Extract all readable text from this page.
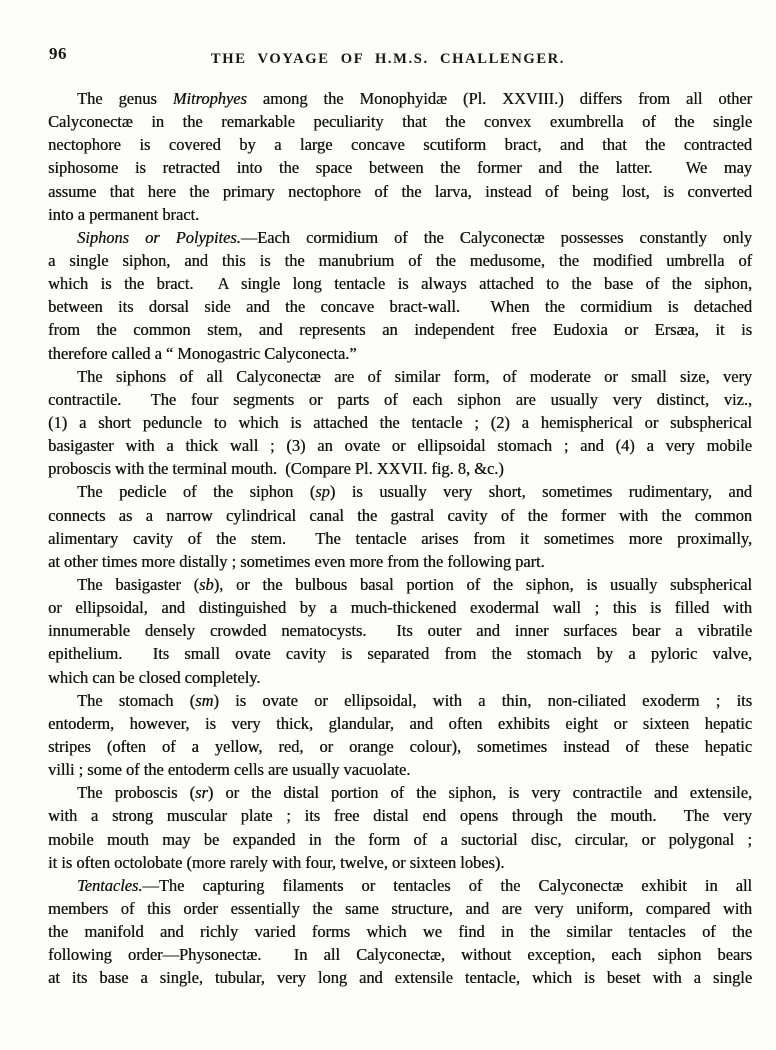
96	THE VOYAGE OF H.M.S. CHALLENGER.
The genus Mitrophyes among the Monophyidæ (Pl. XXVIII.) differs from all other
Calyconectæ in the remarkable peculiarity that the convex exumbrella of the single
nectophore is covered by a large concave scutiform bract, and that the contracted
siphosome is retracted into the space between the former and the latter.  We may
assume that here the primary nectophore of the larva, instead of being lost, is converted
into a permanent bract.
Siphons or Polypites.—Each cormidium of the Calyconectæ possesses constantly only
a single siphon, and this is the manubrium of the medusome, the modified umbrella of
which is the bract.  A single long tentacle is always attached to the base of the siphon,
between its dorsal side and the concave bract-wall.  When the cormidium is detached
from the common stem, and represents an independent free Eudoxia or Ersæa, it is
therefore called a “ Monogastric Calyconecta.”
The siphons of all Calyconectæ are of similar form, of moderate or small size, very
contractile.  The four segments or parts of each siphon are usually very distinct, viz.,
(1) a short peduncle to which is attached the tentacle ; (2) a hemispherical or subspherical
basigaster with a thick wall ; (3) an ovate or ellipsoidal stomach ; and (4) a very mobile
proboscis with the terminal mouth.  (Compare Pl. XXVII. fig. 8, &c.)
The pedicle of the siphon (sp) is usually very short, sometimes rudimentary, and
connects as a narrow cylindrical canal the gastral cavity of the former with the common
alimentary cavity of the stem.  The tentacle arises from it sometimes more proximally,
at other times more distally ; sometimes even more from the following part.
The basigaster (sb), or the bulbous basal portion of the siphon, is usually subspherical
or ellipsoidal, and distinguished by a much-thickened exodermal wall ; this is filled with
innumerable densely crowded nematocysts.  Its outer and inner surfaces bear a vibratile
epithelium.  Its small ovate cavity is separated from the stomach by a pyloric valve,
which can be closed completely.
The stomach (sm) is ovate or ellipsoidal, with a thin, non-ciliated exoderm ; its
entoderm, however, is very thick, glandular, and often exhibits eight or sixteen hepatic
stripes (often of a yellow, red, or orange colour), sometimes instead of these hepatic
villi ; some of the entoderm cells are usually vacuolate.
The proboscis (sr) or the distal portion of the siphon, is very contractile and extensile,
with a strong muscular plate ; its free distal end opens through the mouth.  The very
mobile mouth may be expanded in the form of a suctorial disc, circular, or polygonal ;
it is often octolobate (more rarely with four, twelve, or sixteen lobes).
Tentacles.—The capturing filaments or tentacles of the Calyconectæ exhibit in all
members of this order essentially the same structure, and are very uniform, compared with
the manifold and richly varied forms which we find in the similar tentacles of the
following order—Physonectæ.  In all Calyconectæ, without exception, each siphon bears
at its base a single, tubular, very long and extensile tentacle, which is beset with a single
